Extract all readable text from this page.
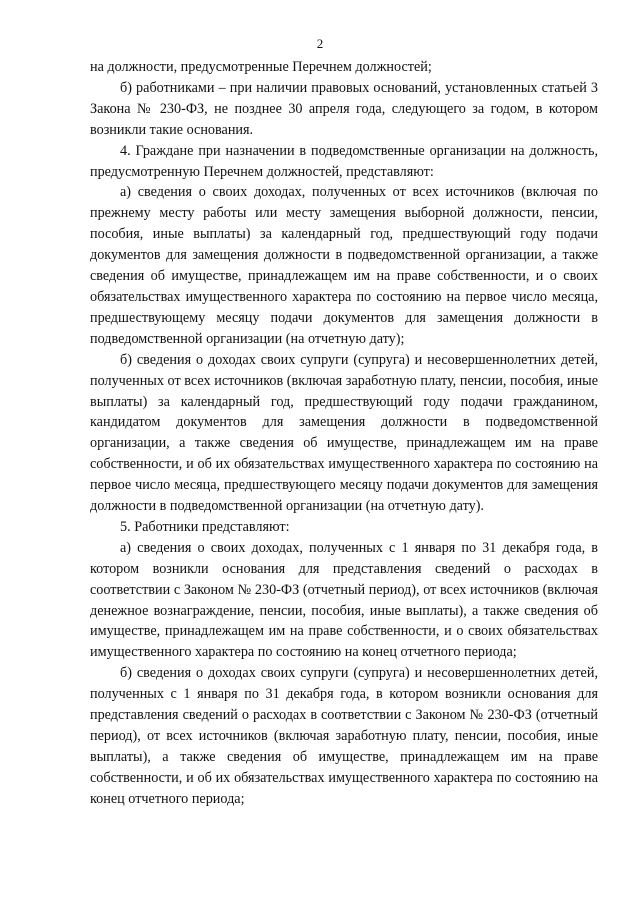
2

на должности, предусмотренные Перечнем должностей;

б) работниками – при наличии правовых оснований, установленных статьей 3 Закона № 230-ФЗ, не позднее 30 апреля года, следующего за годом, в котором возникли такие основания.

4. Граждане при назначении в подведомственные организации на должность, предусмотренную Перечнем должностей, представляют:

а) сведения о своих доходах, полученных от всех источников (включая по прежнему месту работы или месту замещения выборной должности, пенсии, пособия, иные выплаты) за календарный год, предшествующий году подачи документов для замещения должности в подведомственной организации, а также сведения об имуществе, принадлежащем им на праве собственности, и о своих обязательствах имущественного характера по состоянию на первое число месяца, предшествующему месяцу подачи документов для замещения должности в подведомственной организации (на отчетную дату);

б) сведения о доходах своих супруги (супруга) и несовершеннолетних детей, полученных от всех источников (включая заработную плату, пенсии, пособия, иные выплаты) за календарный год, предшествующий году подачи гражданином, кандидатом документов для замещения должности в подведомственной организации, а также сведения об имуществе, принадлежащем им на праве собственности, и об их обязательствах имущественного характера по состоянию на первое число месяца, предшествующего месяцу подачи документов для замещения должности в подведомственной организации (на отчетную дату).

5. Работники представляют:

а) сведения о своих доходах, полученных с 1 января по 31 декабря года, в котором возникли основания для представления сведений о расходах в соответствии с Законом № 230-ФЗ (отчетный период), от всех источников (включая денежное вознаграждение, пенсии, пособия, иные выплаты), а также сведения об имуществе, принадлежащем им на праве собственности, и о своих обязательствах имущественного характера по состоянию на конец отчетного периода;

б) сведения о доходах своих супруги (супруга) и несовершеннолетних детей, полученных с 1 января по 31 декабря года, в котором возникли основания для представления сведений о расходах в соответствии с Законом № 230-ФЗ (отчетный период), от всех источников (включая заработную плату, пенсии, пособия, иные выплаты), а также сведения об имуществе, принадлежащем им на праве собственности, и об их обязательствах имущественного характера по состоянию на конец отчетного периода;
